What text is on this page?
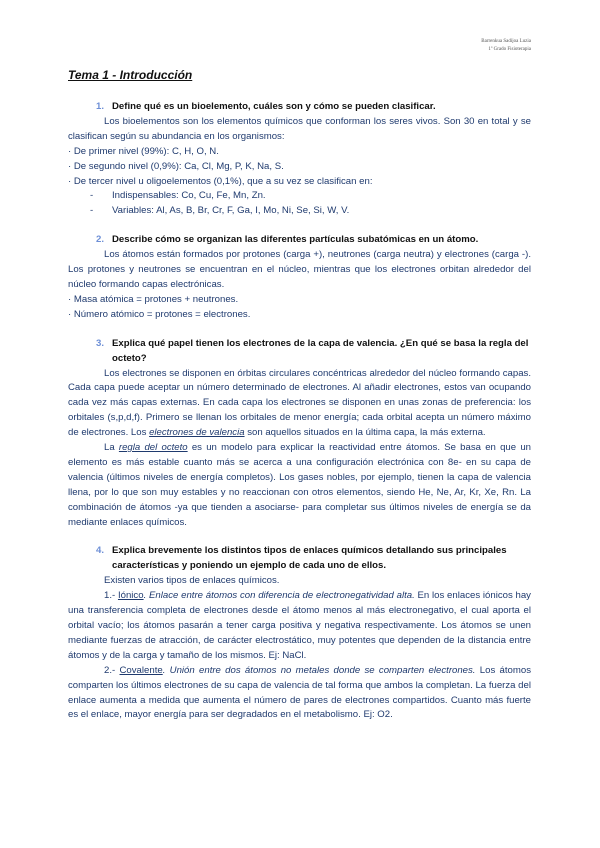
Barrenkua Sadijoa Luzia
1º Grado Fisioterapia
Tema 1 - Introducción
1. Define qué es un bioelemento, cuáles son y cómo se pueden clasificar.

Los bioelementos son los elementos químicos que conforman los seres vivos. Son 30 en total y se clasifican según su abundancia en los organismos:

· De primer nivel (99%): C, H, O, N.

· De segundo nivel (0,9%): Ca, Cl, Mg, P, K, Na, S.

· De tercer nivel u oligoelementos (0,1%), que a su vez se clasifican en:

-	Indispensables: Co, Cu, Fe, Mn, Zn.
-	Variables: Al, As, B, Br, Cr, F, Ga, I, Mo, Ni, Se, Si, W, V.
2. Describe cómo se organizan las diferentes partículas subatómicas en un átomo.

Los átomos están formados por protones (carga +), neutrones (carga neutra) y electrones (carga -). Los protones y neutrones se encuentran en el núcleo, mientras que los electrones orbitan alrededor del núcleo formando capas electrónicas.

· Masa atómica = protones + neutrones.

· Número atómico = protones = electrones.

3. Explica qué papel tienen los electrones de la capa de valencia. ¿En qué se basa la regla del octeto?

Los electrones se disponen en órbitas circulares concéntricas alrededor del núcleo formando capas. Cada capa puede aceptar un número determinado de electrones. Al añadir electrones, estos van ocupando cada vez más capas externas. En cada capa los electrones se disponen en unas zonas de preferencia: los orbitales (s,p,d,f). Primero se llenan los orbitales de menor energía; cada orbital acepta un número máximo de electrones. Los electrones de valencia son aquellos situados en la última capa, la más externa.

La regla del octeto es un modelo para explicar la reactividad entre átomos. Se basa en que un elemento es más estable cuanto más se acerca a una configuración electrónica con 8e- en su capa de valencia (últimos niveles de energía completos). Los gases nobles, por ejemplo, tienen la capa de valencia llena, por lo que son muy estables y no reaccionan con otros elementos, siendo He, Ne, Ar, Kr, Xe, Rn. La combinación de átomos -ya que tienden a asociarse- para completar sus últimos niveles de energía se da mediante enlaces químicos.

4. Explica brevemente los distintos tipos de enlaces químicos detallando sus principales características y poniendo un ejemplo de cada uno de ellos.

Existen varios tipos de enlaces químicos.

1.- Iónico. Enlace entre átomos con diferencia de electronegatividad alta. En los enlaces iónicos hay una transferencia completa de electrones desde el átomo menos al más electronegativo, el cual aporta el orbital vacío; los átomos pasarán a tener carga positiva y negativa respectivamente. Los átomos se unen mediante fuerzas de atracción, de carácter electrostático, muy potentes que dependen de la distancia entre átomos y de la carga y tamaño de los mismos. Ej: NaCl.

2.- Covalente. Unión entre dos átomos no metales donde se comparten electrones. Los átomos comparten los últimos electrones de su capa de valencia de tal forma que ambos la completan. La fuerza del enlace aumenta a medida que aumenta el número de pares de electrones compartidos. Cuanto más fuerte es el enlace, mayor energía para ser degradados en el metabolismo. Ej: O2.
